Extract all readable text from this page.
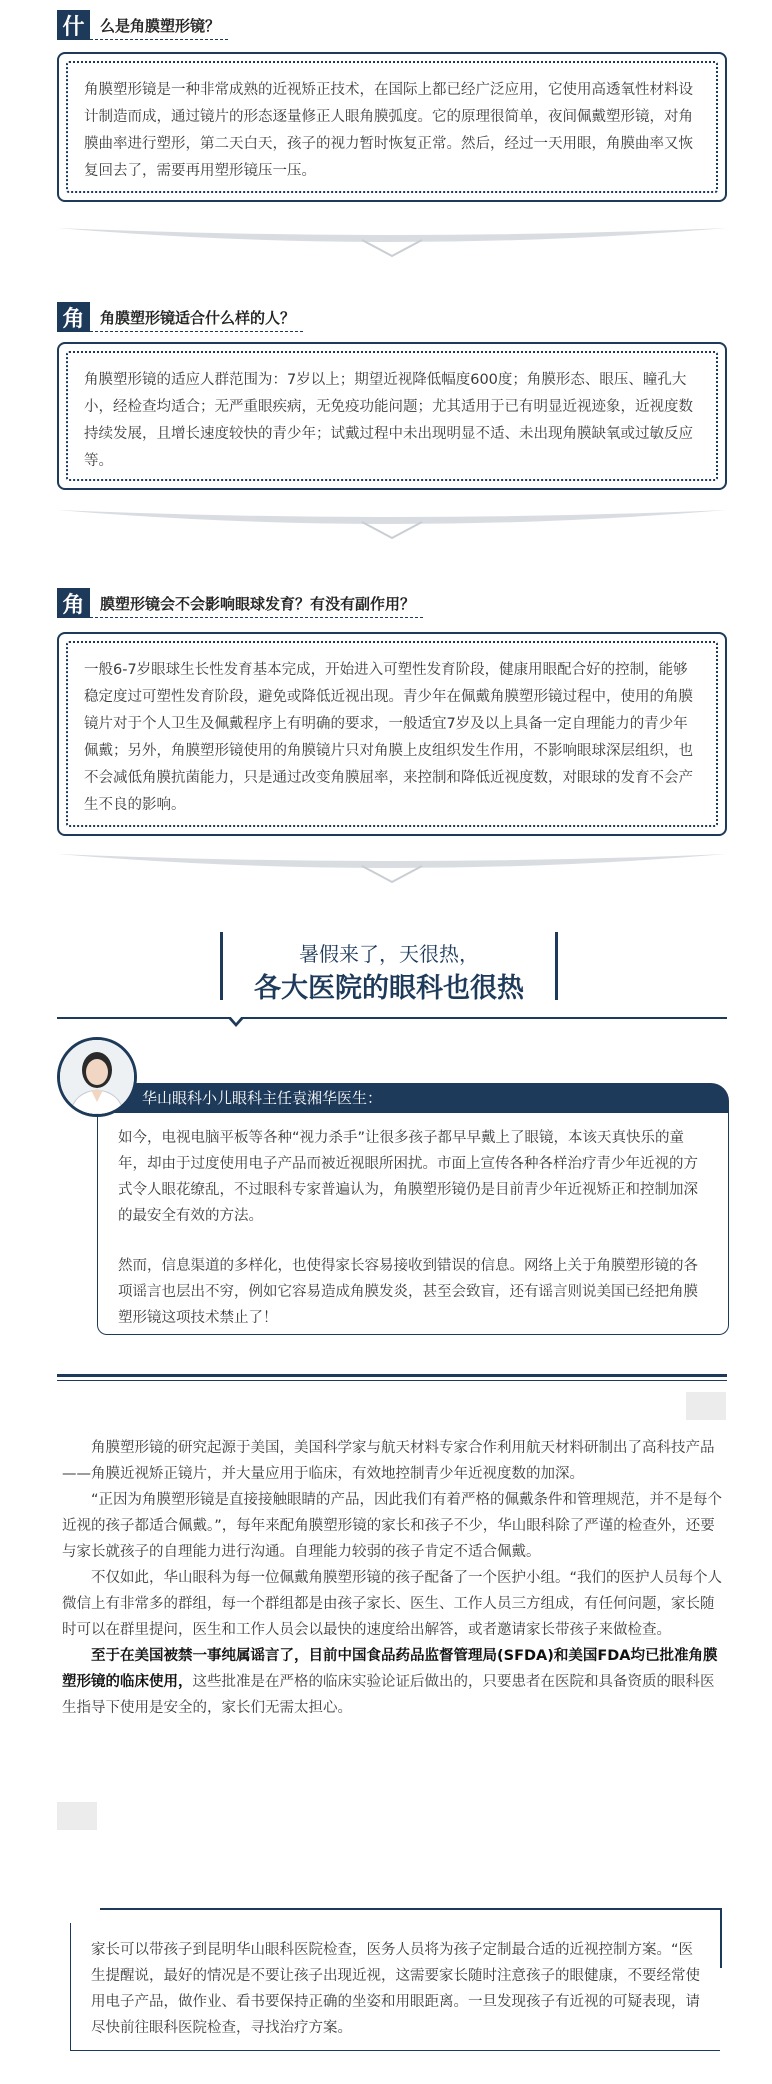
什	么是角膜塑形镜？
角膜塑形镜是一种非常成熟的近视矫正技术，在国际上都已经广泛应用，它使用高透氧性材料设计制造而成，通过镜片的形态逐量修正人眼角膜弧度。它的原理很简单，夜间佩戴塑形镜，对角膜曲率进行塑形，第二天白天，孩子的视力暂时恢复正常。然后，经过一天用眼，角膜曲率又恢复回去了，需要再用塑形镜压一压。
角	角膜塑形镜适合什么样的人？
角膜塑形镜的适应人群范围为：7岁以上；期望近视降低幅度600度；角膜形态、眼压、瞳孔大小，经检查均适合；无严重眼疾病，无免疫功能问题；尤其适用于已有明显近视迹象，近视度数持续发展，且增长速度较快的青少年；试戴过程中未出现明显不适、未出现角膜缺氧或过敏反应等。
角	膜塑形镜会不会影响眼球发育？有没有副作用？
一般6-7岁眼球生长性发育基本完成，开始进入可塑性发育阶段，健康用眼配合好的控制，能够稳定度过可塑性发育阶段，避免或降低近视出现。青少年在佩戴角膜塑形镜过程中，使用的角膜镜片对于个人卫生及佩戴程序上有明确的要求，一般适宜7岁及以上具备一定自理能力的青少年佩戴；另外，角膜塑形镜使用的角膜镜片只对角膜上皮组织发生作用，不影响眼球深层组织，也不会减低角膜抗菌能力，只是通过改变角膜屈率，来控制和降低近视度数，对眼球的发育不会产生不良的影响。
暑假来了，天很热，
各大医院的眼科也很热
华山眼科小儿眼科主任袁湘华医生：

如今，电视电脑平板等各种“视力杀手”让很多孩子都早早戴上了眼镜，本该天真快乐的童年，却由于过度使用电子产品而被近视眼所困扰。市面上宣传各种各样治疗青少年近视的方式令人眼花缭乱，不过眼科专家普遍认为，角膜塑形镜仍是目前青少年近视矫正和控制加深的最安全有效的方法。

然而，信息渠道的多样化，也使得家长容易接收到错误的信息。网络上关于角膜塑形镜的各项谣言也层出不穷，例如它容易造成角膜发炎，甚至会致盲，还有谣言则说美国已经把角膜塑形镜这项技术禁止了！

角膜塑形镜的研究起源于美国，美国科学家与航天材料专家合作利用航天材料研制出了高科技产品——角膜近视矫正镜片，并大量应用于临床，有效地控制青少年近视度数的加深。

“正因为角膜塑形镜是直接接触眼睛的产品，因此我们有着严格的佩戴条件和管理规范，并不是每个近视的孩子都适合佩戴。”，每年来配角膜塑形镜的家长和孩子不少，华山眼科除了严谨的检查外，还要与家长就孩子的自理能力进行沟通。自理能力较弱的孩子肯定不适合佩戴。

不仅如此，华山眼科为每一位佩戴角膜塑形镜的孩子配备了一个医护小组。“我们的医护人员每个人微信上有非常多的群组，每一个群组都是由孩子家长、医生、工作人员三方组成，有任何问题，家长随时可以在群里提问，医生和工作人员会以最快的速度给出解答，或者邀请家长带孩子来做检查。

至于在美国被禁一事纯属谣言了，目前中国食品药品监督管理局(SFDA)和美国FDA均已批准角膜塑形镜的临床使用，这些批准是在严格的临床实验论证后做出的，只要患者在医院和具备资质的眼科医生指导下使用是安全的，家长们无需太担心。

家长可以带孩子到昆明华山眼科医院检查，医务人员将为孩子定制最合适的近视控制方案。“医生提醒说，最好的情况是不要让孩子出现近视，这需要家长随时注意孩子的眼健康，不要经常使用电子产品，做作业、看书要保持正确的坐姿和用眼距离。一旦发现孩子有近视的可疑表现，请尽快前往眼科医院检查，寻找治疗方案。
